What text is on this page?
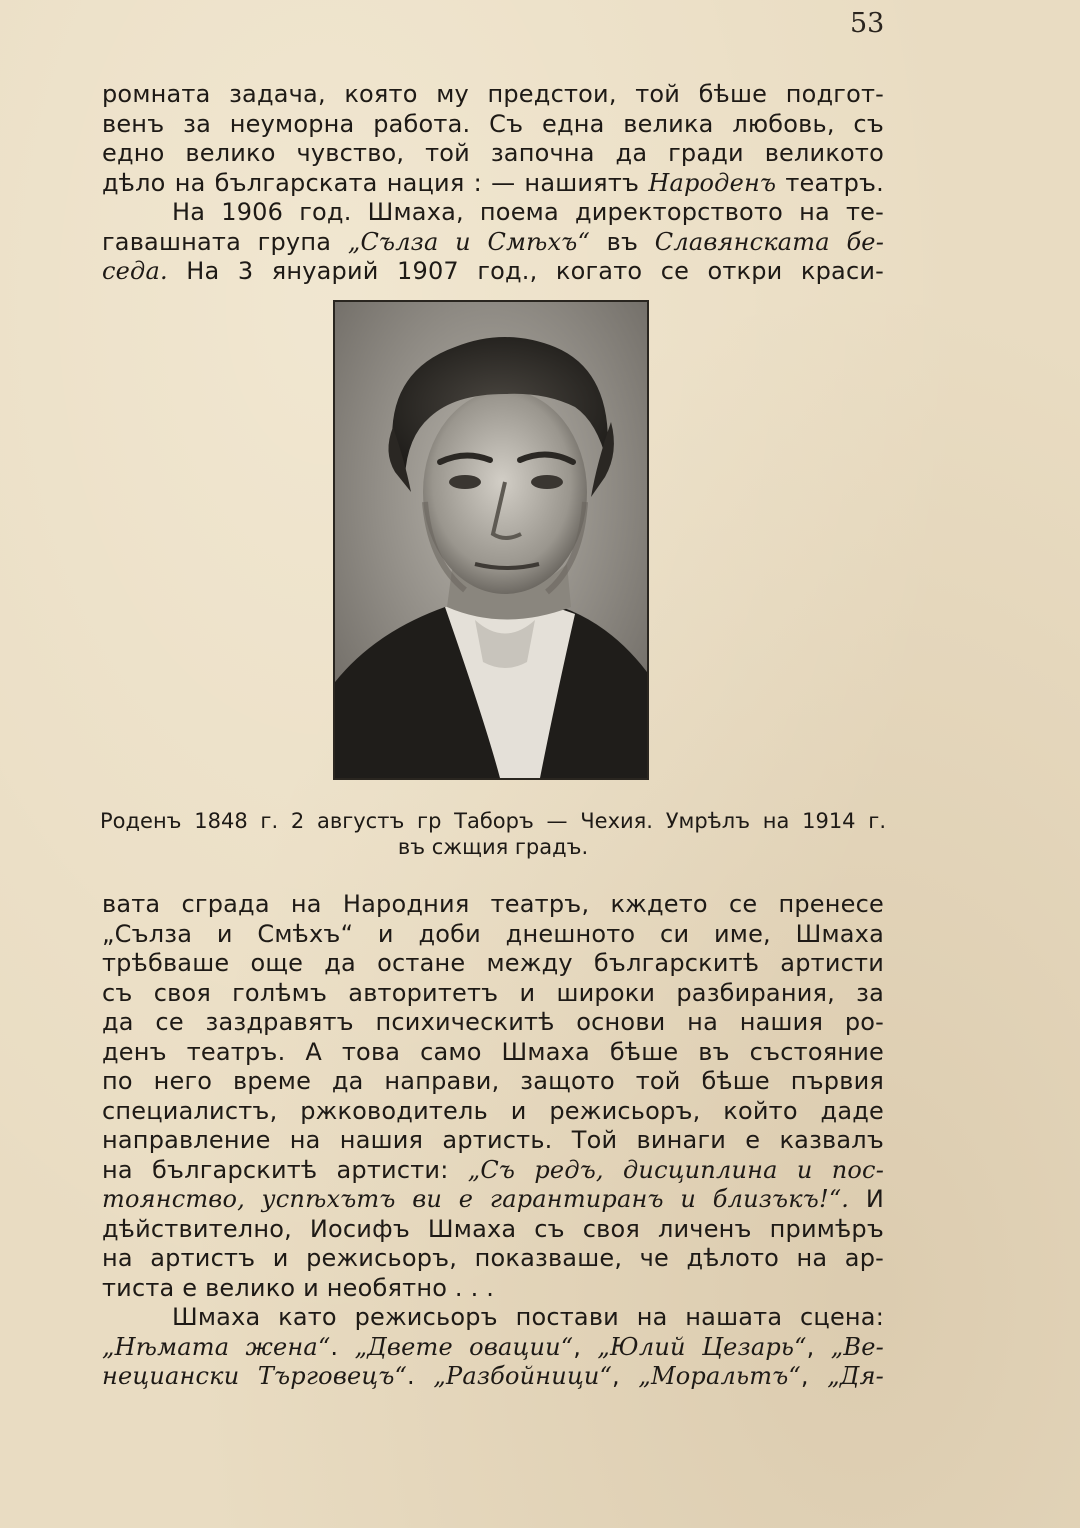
53
ромната задача, която му предстои, той бѣше подгот-
венъ за неуморна работа. Съ една велика любовь, съ
едно велико чувство, той започна да гради великото
дѣло на българската нация : — нашиятъ Народенъ театръ.
На 1906 год. Шмаха, поема директорството на те-
гавашната група „Сълза и Смѣхъ“ въ Славянската бе-
седа. На 3 януарий 1907 год., когато се откри краси-
Роденъ 1848 г. 2 августъ гр Таборъ — Чехия. Умрѣлъ на 1914 г.
въ сжщия градъ.
вата сграда на Народния театръ, кждето се пренесе
„Сълза и Смѣхъ“ и доби днешното си име, Шмаха
трѣбваше още да остане между българскитѣ артисти
съ своя голѣмъ авторитетъ и широки разбирания, за
да се заздравятъ психическитѣ основи на нашия ро-
денъ театръ. А това само Шмаха бѣше въ състояние
по него време да направи, защото той бѣше първия
специалистъ, ржководитель и режисьоръ, който даде
направление на нашия артисть. Той винаги е казвалъ
на българскитѣ артисти: „Съ редъ, дисциплина и пос-
тоянство, успѣхътъ ви е гарантиранъ и близъкъ!“. И
дѣйствително, Иосифъ Шмаха съ своя личенъ примѣръ
на артистъ и режисьоръ, показваше, че дѣлото на ар-
тиста е велико и необятно . . .
Шмаха като режисьоръ постави на нашата сцена:
„Нѣмата жена“. „Двете овации“, „Юлий Цезарь“, „Ве-
нециански Търговецъ“. „Разбойници“, „Моральтъ“, „Дя-
